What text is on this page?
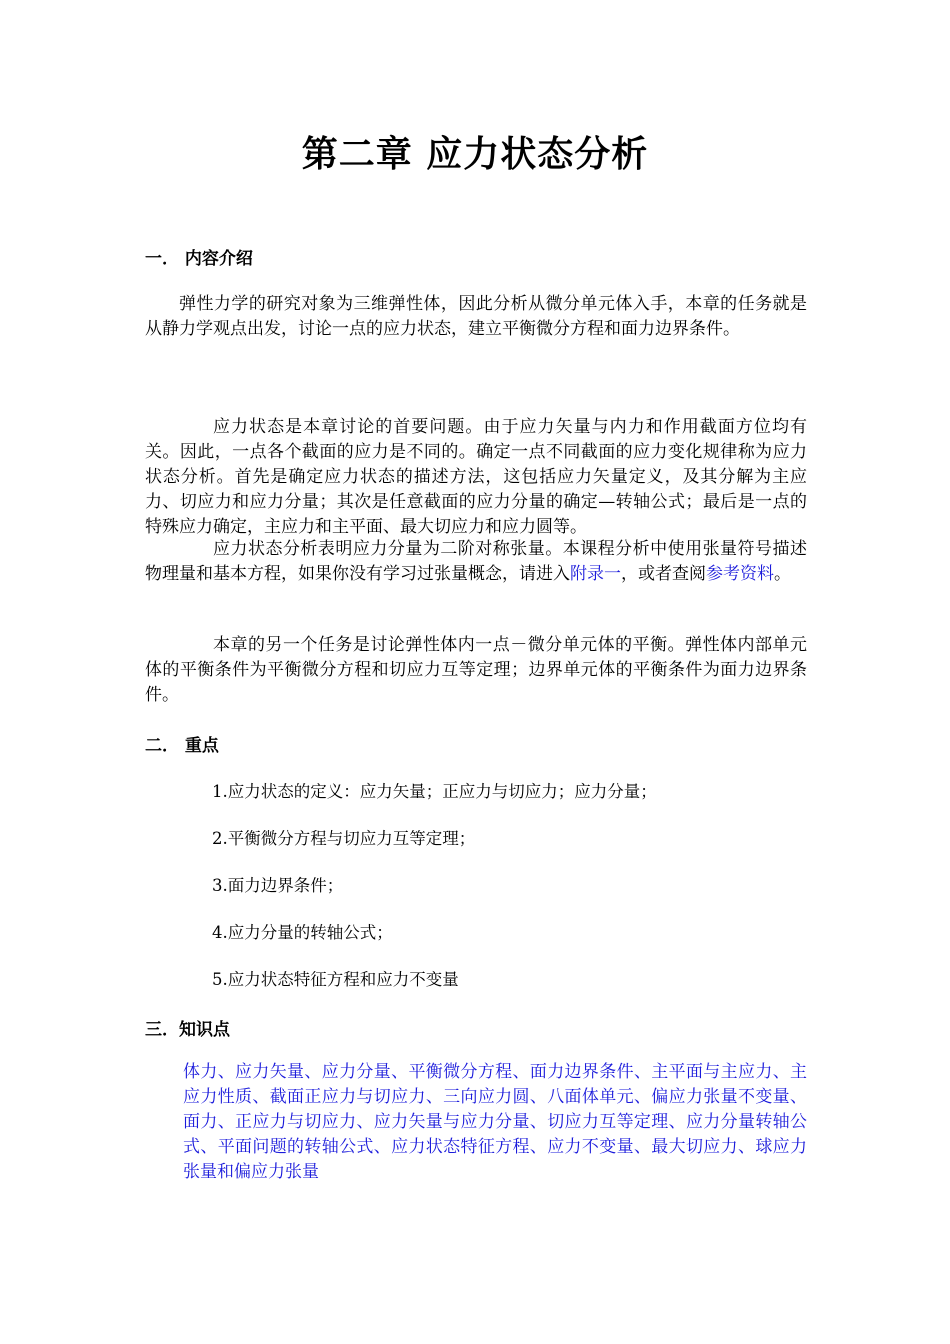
第二章 应力状态分析
一． 内容介绍

弹性力学的研究对象为三维弹性体，因此分析从微分单元体入手，本章的任务就是从静力学观点出发，讨论一点的应力状态，建立平衡微分方程和面力边界条件。

应力状态是本章讨论的首要问题。由于应力矢量与内力和作用截面方位均有关。因此，一点各个截面的应力是不同的。确定一点不同截面的应力变化规律称为应力状态分析。首先是确定应力状态的描述方法，这包括应力矢量定义，及其分解为主应力、切应力和应力分量；其次是任意截面的应力分量的确定—转轴公式；最后是一点的特殊应力确定，主应力和主平面、最大切应力和应力圆等。

应力状态分析表明应力分量为二阶对称张量。本课程分析中使用张量符号描述物理量和基本方程，如果你没有学习过张量概念，请进入附录一，或者查阅参考资料。

本章的另一个任务是讨论弹性体内一点－微分单元体的平衡。弹性体内部单元体的平衡条件为平衡微分方程和切应力互等定理；边界单元体的平衡条件为面力边界条件。

二． 重点

1.应力状态的定义：应力矢量；正应力与切应力；应力分量；

2.平衡微分方程与切应力互等定理；

3.面力边界条件；

4.应力分量的转轴公式；

5.应力状态特征方程和应力不变量

三．知识点

体力、应力矢量、应力分量、平衡微分方程、面力边界条件、主平面与主应力、主应力性质、截面正应力与切应力、三向应力圆、八面体单元、偏应力张量不变量、面力、正应力与切应力、应力矢量与应力分量、切应力互等定理、应力分量转轴公式、平面问题的转轴公式、应力状态特征方程、应力不变量、最大切应力、球应力张量和偏应力张量
